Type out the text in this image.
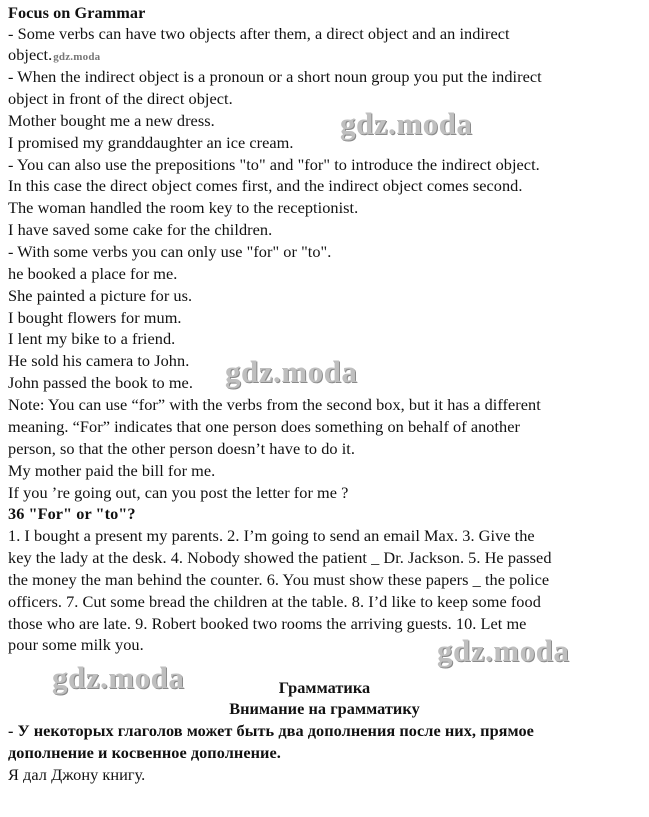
Focus on Grammar
- Some verbs can have two objects after them, a direct object and an indirect
object.gdz.moda
- When the indirect object is a pronoun or a short noun group you put the indirect
object in front of the direct object.
Mother bought me a new dress.
I promised my granddaughter an ice cream.
- You can also use the prepositions "to" and "for" to introduce the indirect object.
In this case the direct object comes first, and the indirect object comes second.
The woman handled the room key to the receptionist.
I have saved some cake for the children.
- With some verbs you can only use "for" or "to".
he booked a place for me.
She painted a picture for us.
I bought flowers for mum.
I lent my bike to a friend.
He sold his camera to John.
John passed the book to me.
Note: You can use “for” with the verbs from the second box, but it has a different
meaning. “For” indicates that one person does something on behalf of another
person, so that the other person doesn’t have to do it.
My mother paid the bill for me.
If you ’re going out, can you post the letter for me ?
36 "For" or "to"?
1. I bought a present my parents. 2. I’m going to send an email Max. 3. Give the
key the lady at the desk. 4. Nobody showed the patient _ Dr. Jackson. 5. He passed
the money the man behind the counter. 6. You must show these papers _ the police
officers. 7. Cut some bread the children at the table. 8. I’d like to keep some food
those who are late. 9. Robert booked two rooms the arriving guests. 10. Let me
pour some milk you.
Грамматика
Внимание на грамматику
- У некоторых глаголов может быть два дополнения после них, прямое
дополнение и косвенное дополнение.
Я дал Джону книгу.
gdz.moda
gdz.moda
gdz.moda
gdz.moda
